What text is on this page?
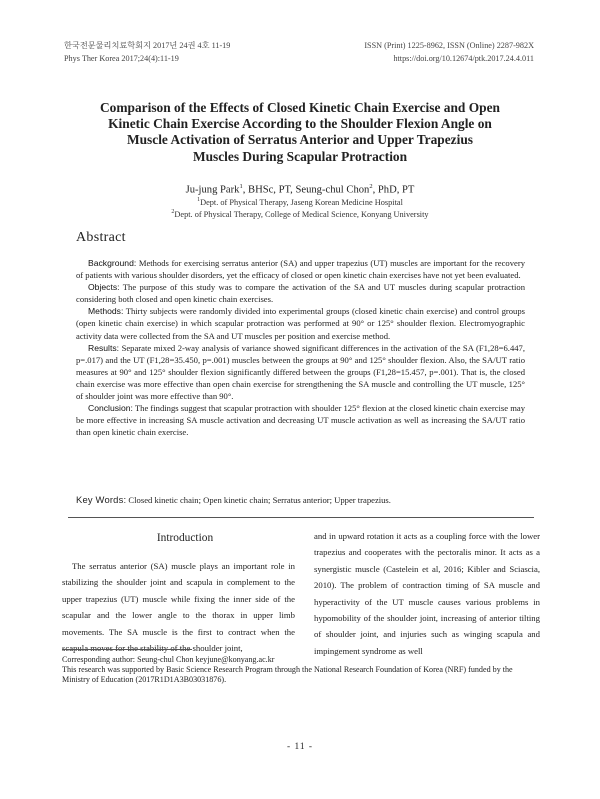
한국전문물리치료학회지 2017년 24권 4호 11-19
Phys Ther Korea 2017;24(4):11-19
ISSN (Print) 1225-8962, ISSN (Online) 2287-982X
https://doi.org/10.12674/ptk.2017.24.4.011
Comparison of the Effects of Closed Kinetic Chain Exercise and Open
Kinetic Chain Exercise According to the Shoulder Flexion Angle on
Muscle Activation of Serratus Anterior and Upper Trapezius
Muscles During Scapular Protraction
Ju-jung Park$^1$, BHSc, PT, Seung-chul Chon$^2$, PhD, PT
$^1$Dept. of Physical Therapy, Jaseng Korean Medicine Hospital
$^2$Dept. of Physical Therapy, College of Medical Science, Konyang University
Abstract

Background: Methods for exercising serratus anterior (SA) and upper trapezius (UT) muscles are important for the recovery of patients with various shoulder disorders, yet the efficacy of closed or open kinetic chain exercises have not yet been evaluated.

Objects: The purpose of this study was to compare the activation of the SA and UT muscles during scapular protraction considering both closed and open kinetic chain exercises.

Methods: Thirty subjects were randomly divided into experimental groups (closed kinetic chain exercise) and control groups (open kinetic chain exercise) in which scapular protraction was performed at 90° or 125° shoulder flexion. Electromyographic activity data were collected from the SA and UT muscles per position and exercise method.

Results: Separate mixed 2-way analysis of variance showed significant differences in the activation of the SA (F1,28=6.447, p=.017) and the UT (F1,28=35.450, p=.001) muscles between the groups at 90° and 125° shoulder flexion. Also, the SA/UT ratio measures at 90° and 125° shoulder flexion significantly differed between the groups (F1,28=15.457, p=.001). That is, the closed chain exercise was more effective than open chain exercise for strengthening the SA muscle and controlling the UT muscle, 125° of shoulder joint was more effective than 90°.

Conclusion: The findings suggest that scapular protraction with shoulder 125° flexion at the closed kinetic chain exercise may be more effective in increasing SA muscle activation and decreasing UT muscle activation as well as increasing the SA/UT ratio than open kinetic chain exercise.

Key Words: Closed kinetic chain; Open kinetic chain; Serratus anterior; Upper trapezius.
Introduction
The serratus anterior (SA) muscle plays an important role in stabilizing the shoulder joint and scapula in complement to the upper trapezius (UT) muscle while fixing the inner side of the scapular and the lower angle to the thorax in upper limb movements. The SA muscle is the first to contract when the scapula moves for the stability of the shoulder joint,
and in upward rotation it acts as a coupling force with the lower trapezius and cooperates with the pectoralis minor. It acts as a synergistic muscle (Castelein et al, 2016; Kibler and Sciascia, 2010). The problem of contraction timing of SA muscle and hyperactivity of the UT muscle causes various problems in hypomobility of the shoulder joint, increasing of anterior tilting of shoulder joint, and injuries such as winging scapula and impingement syndrome as well
Corresponding author: Seung-chul Chon keyjune@konyang.ac.kr
This research was supported by Basic Science Research Program through the National Research Foundation of Korea (NRF) funded by the Ministry of Education (2017R1D1A3B03031876).
- 11 -
